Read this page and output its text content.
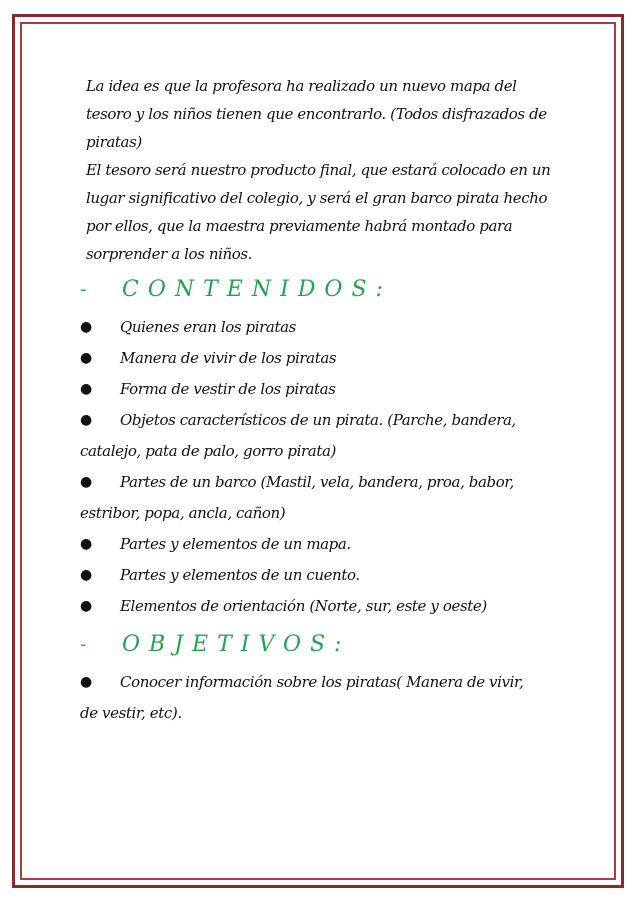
La idea es que la profesora ha realizado un nuevo mapa del
tesoro y los niños tienen que encontrarlo. (Todos disfrazados de
piratas)

El tesoro será nuestro producto final, que estará colocado en un
lugar significativo del colegio, y será el gran barco pirata hecho
por ellos, que la maestra previamente habrá montado para
sorprender a los niños.

-	CONTENIDOS:
●	Quienes eran los piratas
●	Manera de vivir de los piratas
●	Forma de vestir de los piratas
●	Objetos característicos de un pirata. (Parche, bandera,
catalejo, pata de palo, gorro pirata)
●	Partes de un barco (Mastil, vela, bandera, proa, babor,
estribor, popa, ancla, cañon)
●	Partes y elementos de un mapa.
●	Partes y elementos de un cuento.
●	Elementos de orientación (Norte, sur, este y oeste)
-	OBJETIVOS:
●	Conocer información sobre los piratas( Manera de vivir,
de vestir, etc).
